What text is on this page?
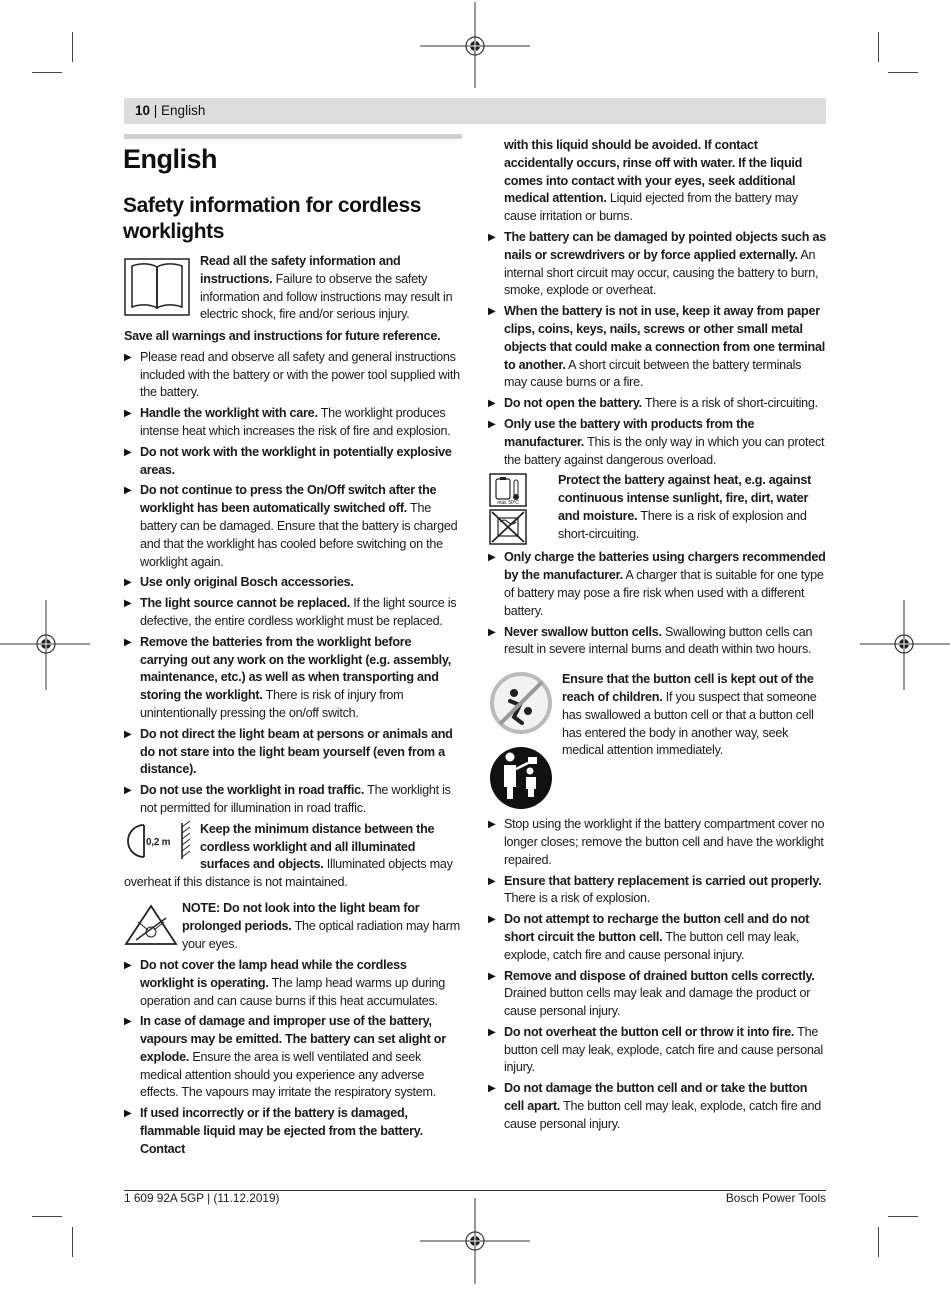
10 | English
English
Safety information for cordless worklights
Read all the safety information and instructions. Failure to observe the safety information and follow instructions may result in electric shock, fire and/or serious injury.

Save all warnings and instructions for future reference.

▶ Please read and observe all safety and general instructions included with the battery or with the power tool supplied with the battery.
▶ Handle the worklight with care. The worklight produces intense heat which increases the risk of fire and explosion.
▶ Do not work with the worklight in potentially explosive areas.
▶ Do not continue to press the On/Off switch after the worklight has been automatically switched off. The battery can be damaged. Ensure that the battery is charged and that the worklight has cooled before switching on the worklight again.
▶ Use only original Bosch accessories.
▶ The light source cannot be replaced. If the light source is defective, the entire cordless worklight must be replaced.
▶ Remove the batteries from the worklight before carrying out any work on the worklight (e.g. assembly, maintenance, etc.) as well as when transporting and storing the worklight. There is risk of injury from unintentionally pressing the on/off switch.
▶ Do not direct the light beam at persons or animals and do not stare into the light beam yourself (even from a distance).
▶ Do not use the worklight in road traffic. The worklight is not permitted for illumination in road traffic.
0,2 m
Keep the minimum distance between the cordless worklight and all illuminated surfaces and objects. Illuminated objects may overheat if this distance is not maintained.
NOTE: Do not look into the light beam for prolonged periods. The optical radiation may harm your eyes.
▶ Do not cover the lamp head while the cordless worklight is operating. The lamp head warms up during operation and can cause burns if this heat accumulates.
▶ In case of damage and improper use of the battery, vapours may be emitted. The battery can set alight or explode. Ensure the area is well ventilated and seek medical attention should you experience any adverse effects. The vapours may irritate the respiratory system.
▶ If used incorrectly or if the battery is damaged, flammable liquid may be ejected from the battery. Contact
with this liquid should be avoided. If contact accidentally occurs, rinse off with water. If the liquid comes into contact with your eyes, seek additional medical attention. Liquid ejected from the battery may cause irritation or burns.
▶ The battery can be damaged by pointed objects such as nails or screwdrivers or by force applied externally. An internal short circuit may occur, causing the battery to burn, smoke, explode or overheat.
▶ When the battery is not in use, keep it away from paper clips, coins, keys, nails, screws or other small metal objects that could make a connection from one terminal to another. A short circuit between the battery terminals may cause burns or a fire.
▶ Do not open the battery. There is a risk of short-circuiting.
▶ Only use the battery with products from the manufacturer. This is the only way in which you can protect the battery against dangerous overload.
max. 50°C
Protect the battery against heat, e.g. against continuous intense sunlight, fire, dirt, water and moisture. There is a risk of explosion and short-circuiting.
▶ Only charge the batteries using chargers recommended by the manufacturer. A charger that is suitable for one type of battery may pose a fire risk when used with a different battery.
▶ Never swallow button cells. Swallowing button cells can result in severe internal burns and death within two hours.
Ensure that the button cell is kept out of the reach of children. If you suspect that someone has swallowed a button cell or that a button cell has entered the body in another way, seek medical attention immediately.
▶ Stop using the worklight if the battery compartment cover no longer closes; remove the button cell and have the worklight repaired.
▶ Ensure that battery replacement is carried out properly. There is a risk of explosion.
▶ Do not attempt to recharge the button cell and do not short circuit the button cell. The button cell may leak, explode, catch fire and cause personal injury.
▶ Remove and dispose of drained button cells correctly. Drained button cells may leak and damage the product or cause personal injury.
▶ Do not overheat the button cell or throw it into fire. The button cell may leak, explode, catch fire and cause personal injury.
▶ Do not damage the button cell and or take the button cell apart. The button cell may leak, explode, catch fire and cause personal injury.
1 609 92A 5GP | (11.12.2019)	Bosch Power Tools
